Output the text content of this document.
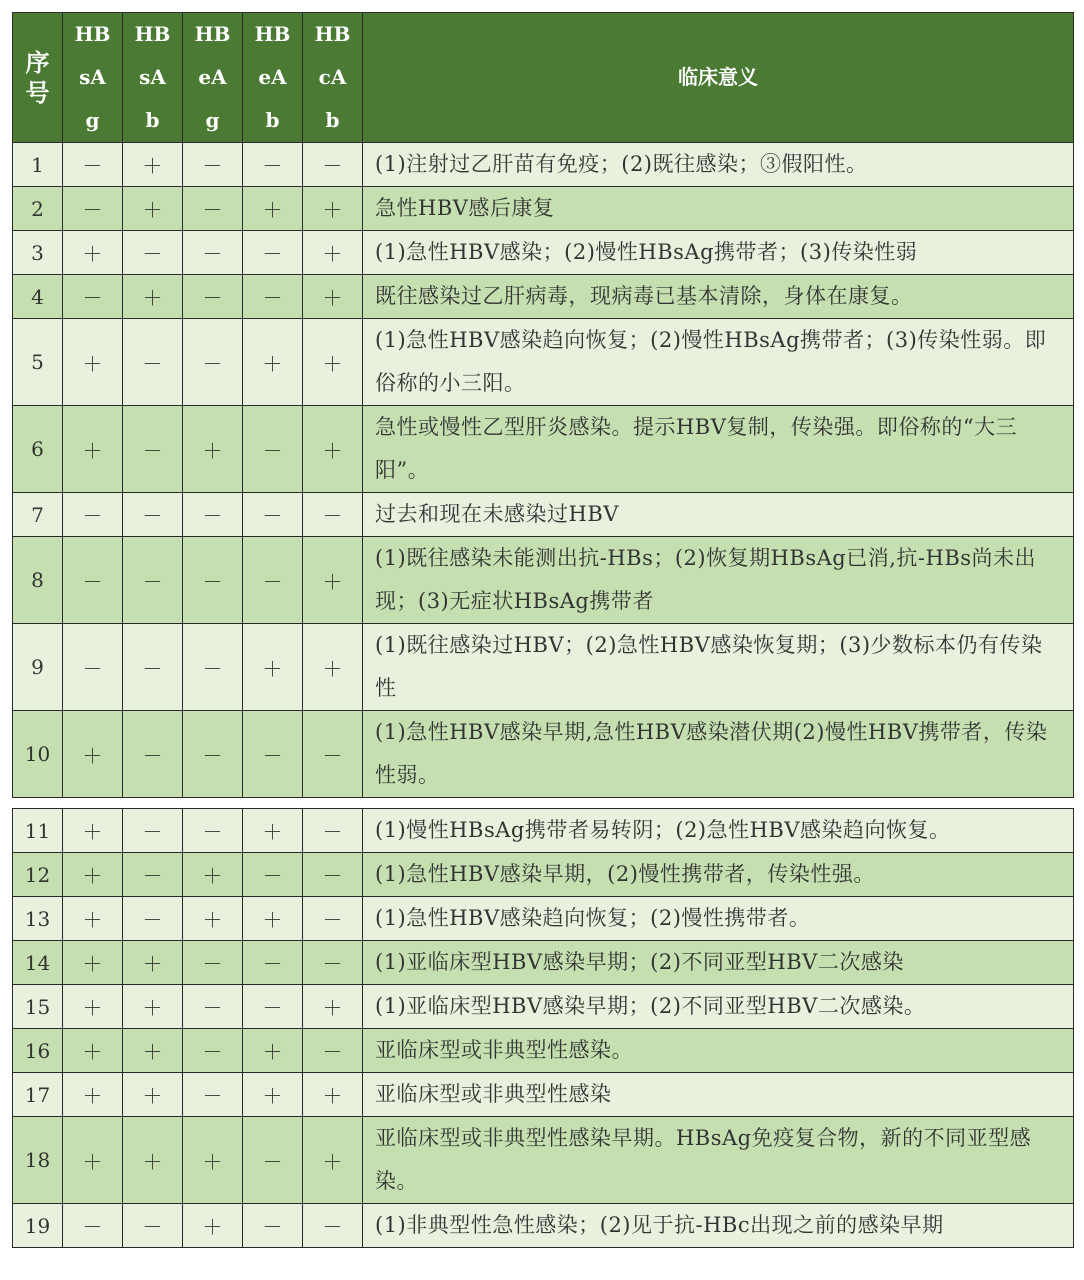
序
号	HB
sA
g	HB
sA
b	HB
eA
g	HB
eA
b	HB
cA
b	临床意义
1	－	＋	－	－	－	(1)注射过乙肝苗有免疫；(2)既往感染；③假阳性。
2	－	＋	－	＋	＋	急性HBV感后康复
3	＋	－	－	－	＋	(1)急性HBV感染；(2)慢性HBsAg携带者；(3)传染性弱
4	－	＋	－	－	＋	既往感染过乙肝病毒，现病毒已基本清除，身体在康复。
5	＋	－	－	＋	＋	(1)急性HBV感染趋向恢复；(2)慢性HBsAg携带者；(3)传染性弱。即俗称的小三阳。
6	＋	－	＋	－	＋	急性或慢性乙型肝炎感染。提示HBV复制，传染强。即俗称的“大三阳”。
7	－	－	－	－	－	过去和现在未感染过HBV
8	－	－	－	－	＋	(1)既往感染未能测出抗-HBs；(2)恢复期HBsAg已消,抗-HBs尚未出现；(3)无症状HBsAg携带者
9	－	－	－	＋	＋	(1)既往感染过HBV；(2)急性HBV感染恢复期；(3)少数标本仍有传染性
10	＋	－	－	－	－	(1)急性HBV感染早期,急性HBV感染潜伏期(2)慢性HBV携带者，传染性弱。
11	＋	－	－	＋	－	(1)慢性HBsAg携带者易转阴；(2)急性HBV感染趋向恢复。
12	＋	－	＋	－	－	(1)急性HBV感染早期，(2)慢性携带者，传染性强。
13	＋	－	＋	＋	－	(1)急性HBV感染趋向恢复；(2)慢性携带者。
14	＋	＋	－	－	－	(1)亚临床型HBV感染早期；(2)不同亚型HBV二次感染
15	＋	＋	－	－	＋	(1)亚临床型HBV感染早期；(2)不同亚型HBV二次感染。
16	＋	＋	－	＋	－	亚临床型或非典型性感染。
17	＋	＋	－	＋	＋	亚临床型或非典型性感染
18	＋	＋	＋	－	＋	亚临床型或非典型性感染早期。HBsAg免疫复合物，新的不同亚型感染。
19	－	－	＋	－	－	(1)非典型性急性感染；(2)见于抗-HBc出现之前的感染早期
